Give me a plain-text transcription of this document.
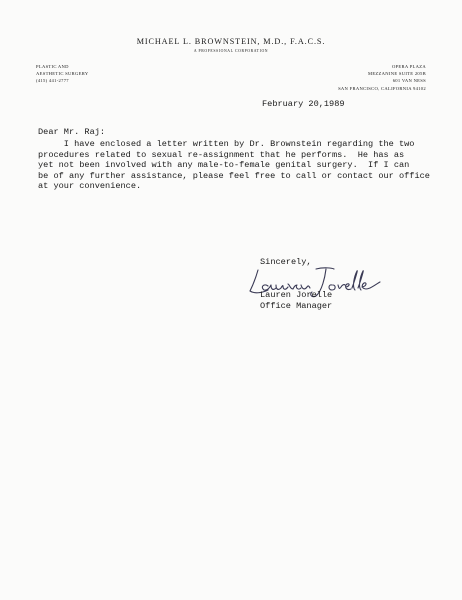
MICHAEL L. BROWNSTEIN, M.D., F.A.C.S.
A PROFESSIONAL CORPORATION
PLASTIC AND
AESTHETIC SURGERY
(415) 441-2777
OPERA PLAZA
MEZZANINE SUITE 205B
601 VAN NESS
SAN FRANCISCO, CALIFORNIA 94102
February 20,1989
Dear Mr. Raj:
I have enclosed a letter written by Dr. Brownstein regarding the two
procedures related to sexual re-assignment that he performs.  He has as
yet not been involved with any male-to-female genital surgery.  If I can
be of any further assistance, please feel free to call or contact our office
at your convenience.
Sincerely,
Lauren Jorelle
Office Manager
